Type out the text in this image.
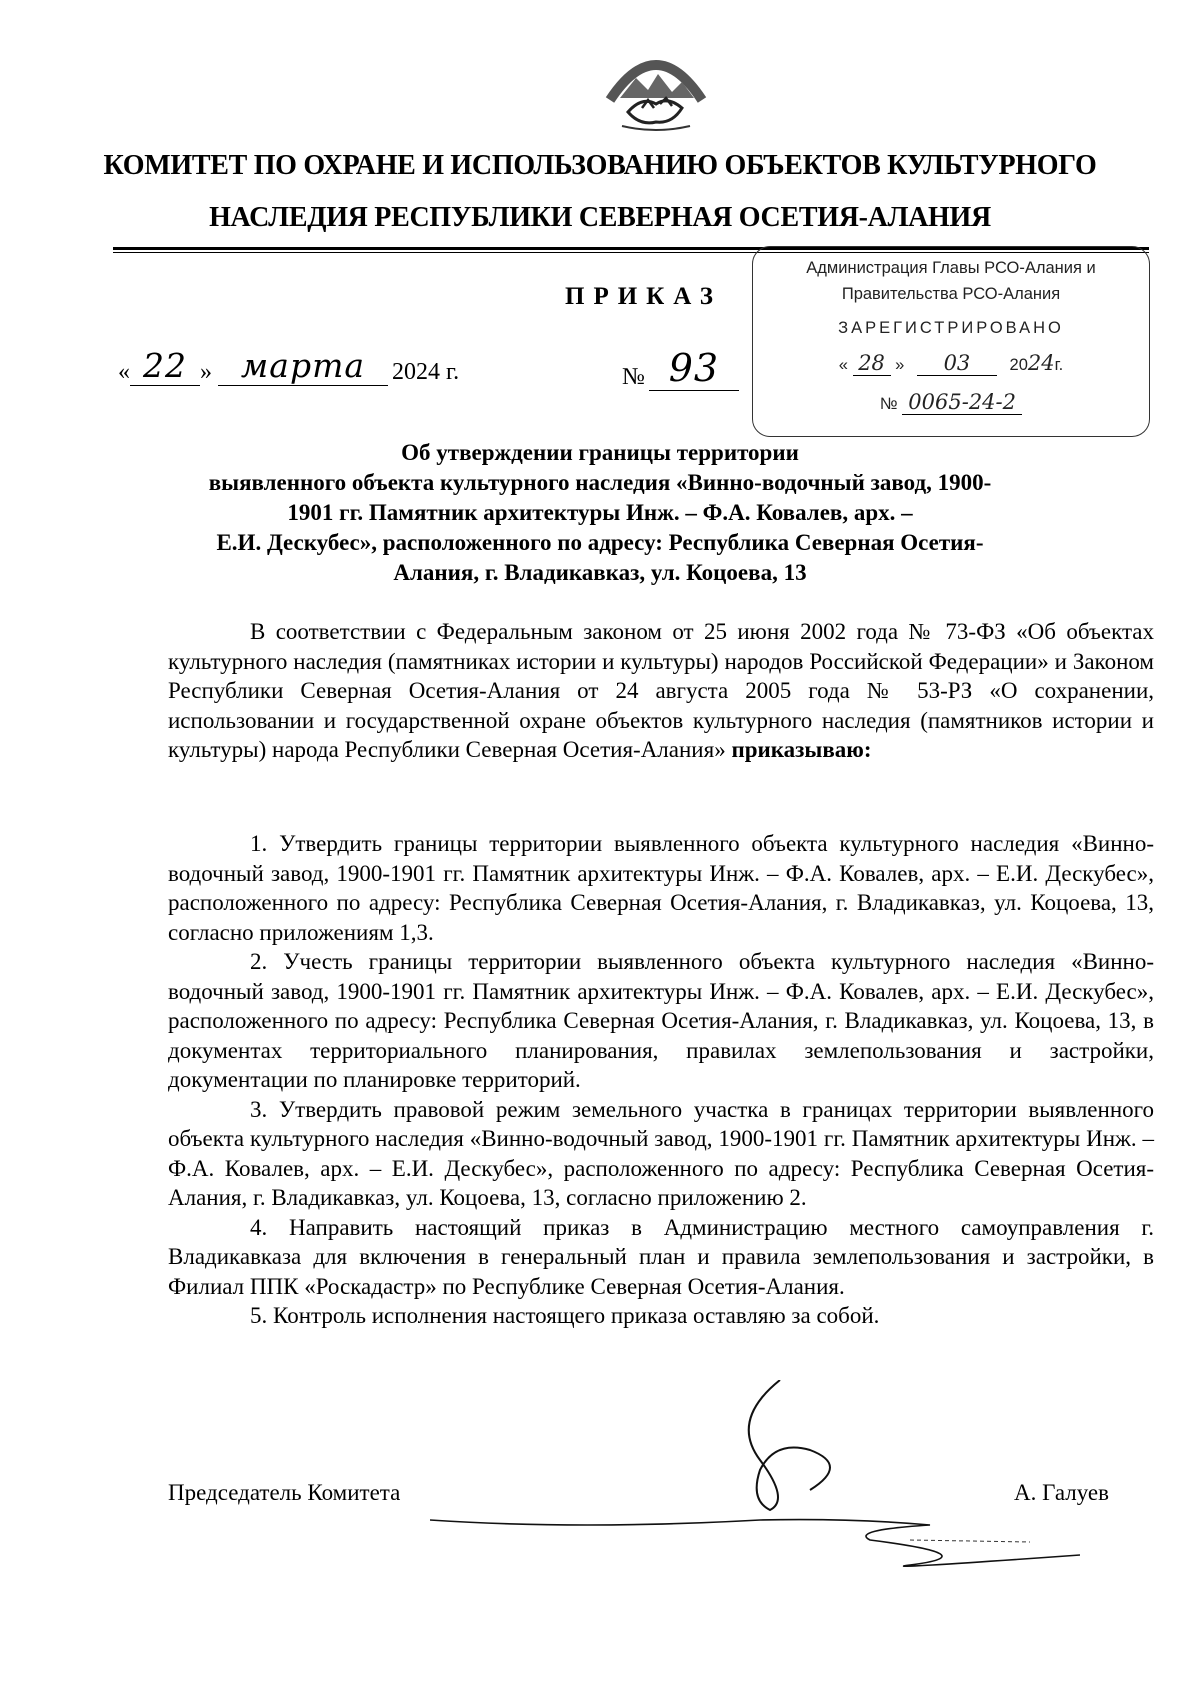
КОМИТЕТ ПО ОХРАНЕ И ИСПОЛЬЗОВАНИЮ ОБЪЕКТОВ КУЛЬТУРНОГО
НАСЛЕДИЯ РЕСПУБЛИКИ СЕВЕРНАЯ ОСЕТИЯ-АЛАНИЯ
ПРИКАЗ
« 22 » марта	2024 г.	№ 93
Администрация Главы РСО-Алания и
Правительства РСО-Алания
ЗАРЕГИСТРИРОВАНО
« 28 » 03 2024г.
№ 0065-24-2
Об утверждении границы территории
выявленного объекта культурного наследия «Винно-водочный завод, 1900-
1901 гг. Памятник архитектуры Инж. – Ф.А. Ковалев, арх. –
Е.И. Дескубес», расположенного по адресу: Республика Северная Осетия-
Алания, г. Владикавказ, ул. Коцоева, 13
В соответствии с Федеральным законом от 25 июня 2002 года № 73-ФЗ «Об объектах культурного наследия (памятниках истории и культуры) народов Российской Федерации» и Законом Республики Северная Осетия-Алания от 24 августа 2005 года № 53-РЗ «О сохранении, использовании и государственной охране объектов культурного наследия (памятников истории и культуры) народа Республики Северная Осетия-Алания» приказываю:

1. Утвердить границы территории выявленного объекта культурного наследия «Винно-водочный завод, 1900-1901 гг. Памятник архитектуры Инж. – Ф.А. Ковалев, арх. – Е.И. Дескубес», расположенного по адресу: Республика Северная Осетия-Алания, г. Владикавказ, ул. Коцоева, 13, согласно приложениям 1,3.

2. Учесть границы территории выявленного объекта культурного наследия «Винно-водочный завод, 1900-1901 гг. Памятник архитектуры Инж. – Ф.А. Ковалев, арх. – Е.И. Дескубес», расположенного по адресу: Республика Северная Осетия-Алания, г. Владикавказ, ул. Коцоева, 13, в документах территориального планирования, правилах землепользования и застройки, документации по планировке территорий.

3. Утвердить правовой режим земельного участка в границах территории выявленного объекта культурного наследия «Винно-водочный завод, 1900-1901 гг. Памятник архитектуры Инж. – Ф.А. Ковалев, арх. – Е.И. Дескубес», расположенного по адресу: Республика Северная Осетия-Алания, г. Владикавказ, ул. Коцоева, 13, согласно приложению 2.

4. Направить настоящий приказ в Администрацию местного самоуправления г. Владикавказа для включения в генеральный план и правила землепользования и застройки, в Филиал ППК «Роскадастр» по Республике Северная Осетия-Алания.

5. Контроль исполнения настоящего приказа оставляю за собой.

Председатель Комитета	А. Галуев
